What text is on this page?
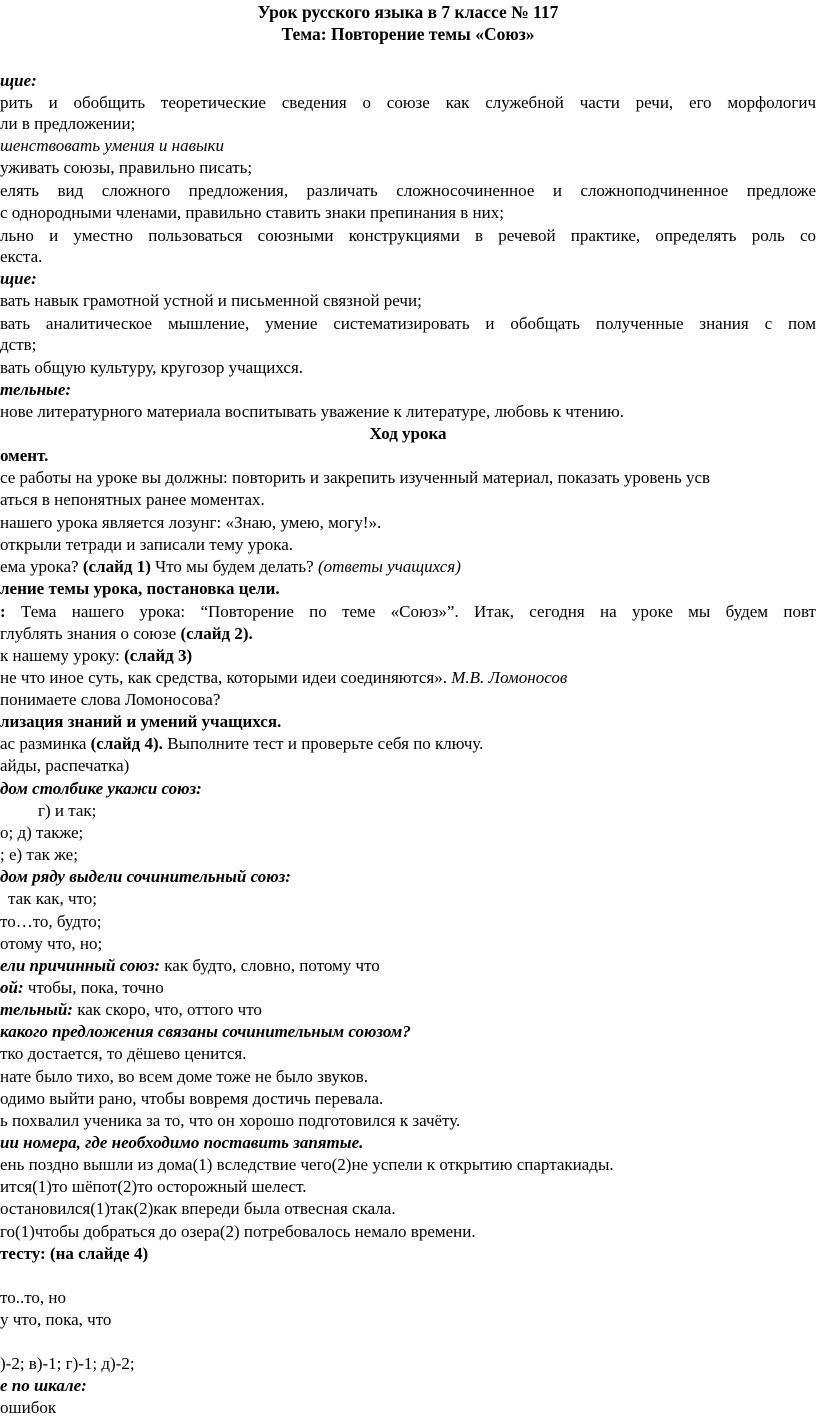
Урок русского языка в 7 классе № 117
Тема: Повторение темы «Союз»
щие:
рить и обобщить теоретические сведения о союзе как служебной части речи, его морфологич
ли в предложении;
шенствовать умения и навыки
уживать союзы, правильно писать;
елять вид сложного предложения, различать сложносочиненное и сложноподчиненное предложе
с однородными членами, правильно ставить знаки препинания в них;
льно и уместно пользоваться союзными конструкциями в речевой практике, определять роль со
екста.
щие:
вать навык грамотной устной и письменной связной речи;
вать аналитическое мышление, умение систематизировать и обобщать полученные знания с пом
дств;
вать общую культуру, кругозор учащихся.
тельные:
нове литературного материала воспитывать уважение к литературе, любовь к чтению.
Ход урока
омент.
се работы на уроке вы должны: повторить и закрепить изученный материал, показать уровень усв
аться в непонятных ранее моментах.
нашего урока является лозунг: «Знаю, умею, могу!».
открыли тетради и записали тему урока.
ема урока? (слайд 1) Что мы будем делать? (ответы учащихся)
ление темы урока, постановка цели.
: Тема нашего урока: “Повторение по теме «Союз»”. Итак, сегодня на уроке мы будем повт
глублять знания о союзе (слайд 2).
к нашему уроку: (слайд 3)
не что иное суть, как средства, которыми идеи соединяются». М.В. Ломоносов
понимаете слова Ломоносова?
лизация знаний и умений учащихся.
ас разминка (слайд 4). Выполните тест и проверьте себя по ключу.
айды, распечатка)
дом столбике укажи союз:
г) и так;
о; д) также;
; е) так же;
дом ряду выдели сочинительный союз:
так как, что;
то…то, будто;
отому что, но;
ели причинный союз: как будто, словно, потому что
ой: чтобы, пока, точно
тельный: как скоро, что, оттого что
какого предложения связаны сочинительным союзом?
тко достается, то дёшево ценится.
нате было тихо, во всем доме тоже не было звуков.
одимо выйти рано, чтобы вовремя достичь перевала.
ь похвалил ученика за то, что он хорошо подготовился к зачёту.
ии номера, где необходимо поставить запятые.
ень поздно вышли из дома(1) вследствие чего(2)не успели к открытию спартакиады.
ится(1)то шёпот(2)то осторожный шелест.
остановился(1)так(2)как впереди была отвесная скала.
го(1)чтобы добраться до озера(2) потребовалось немало времени.
тесту: (на слайде 4)
то..то, но
у что, пока, что
)-2; в)-1; г)-1; д)-2;
е по шкале:
ошибок
